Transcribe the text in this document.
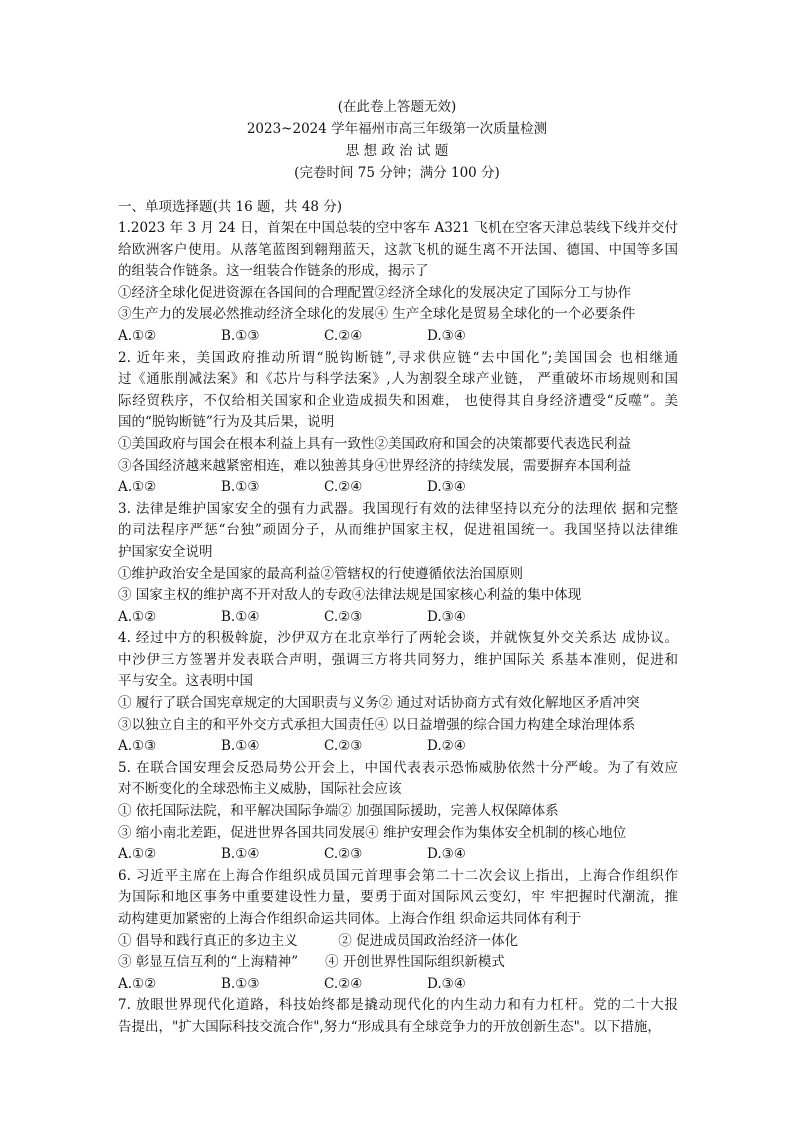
(在此卷上答题无效)
2023~2024 学年福州市高三年级第一次质量检测
思 想 政 治 试 题
(完卷时间 75 分钟；满分 100 分)
一、单项选择题(共 16 题，共 48 分)
1.2023 年 3 月 24 日，首架在中国总装的空中客车 A321 飞机在空客天津总装线下线并交付
给欧洲客户使用。从落笔蓝图到翱翔蓝天，这款飞机的诞生离不开法国、德国、中国等多国
的组装合作链条。这一组装合作链条的形成，揭示了
①经济全球化促进资源在各国间的合理配置②经济全球化的发展决定了国际分工与协作
③生产力的发展必然推动经济全球化的发展④ 生产全球化是贸易全球化的一个必要条件
A.①②	B.①③	C.②④	D.③④
2. 近年来，美国政府推动所谓“脱钩断链”,寻求供应链“去中国化”;美国国会 也相继通
过《通胀削减法案》和《芯片与科学法案》,人为割裂全球产业链， 严重破坏市场规则和国
际经贸秩序，不仅给相关国家和企业造成损失和困难， 也使得其自身经济遭受“反噬”。美
国的“脱钩断链”行为及其后果，说明
①美国政府与国会在根本利益上具有一致性②美国政府和国会的决策都要代表选民利益
③各国经济越来越紧密相连，难以独善其身④世界经济的持续发展，需要摒弃本国利益
A.①②	B.①③	C.②④	D.③④
3. 法律是维护国家安全的强有力武器。我国现行有效的法律坚持以充分的法理依 据和完整
的司法程序严惩“台独”顽固分子，从而维护国家主权，促进祖国统一。我国坚持以法律维
护国家安全说明
①维护政治安全是国家的最高利益②管辖权的行使遵循依法治国原则
③ 国家主权的维护离不开对敌人的专政④法律法规是国家核心利益的集中体现
A.①②	B.①④	C.②③	D.③④
4. 经过中方的积极斡旋，沙伊双方在北京举行了两轮会谈，并就恢复外交关系达 成协议。
中沙伊三方签署并发表联合声明，强调三方将共同努力，维护国际关 系基本准则，促进和
平与安全。这表明中国
① 履行了联合国宪章规定的大国职责与义务② 通过对话协商方式有效化解地区矛盾冲突
③以独立自主的和平外交方式承担大国责任④ 以日益增强的综合国力构建全球治理体系
A.①③	B.①④	C.②③	D.②④
5. 在联合国安理会反恐局势公开会上，中国代表表示恐怖威胁依然十分严峻。为了有效应
对不断变化的全球恐怖主义威胁，国际社会应该
① 依托国际法院，和平解决国际争端② 加强国际援助，完善人权保障体系
③ 缩小南北差距，促进世界各国共同发展④ 维护安理会作为集体安全机制的核心地位
A.①②	B.①④	C.②③	D.③④
6. 习近平主席在上海合作组织成员国元首理事会第二十二次会议上指出，上海合作组织作
为国际和地区事务中重要建设性力量，要勇于面对国际风云变幻，牢 牢把握时代潮流，推
动构建更加紧密的上海合作组织命运共同体。上海合作组 织命运共同体有利于
① 倡导和践行真正的多边主义　　　② 促进成员国政治经济一体化
③ 彰显互信互利的“上海精神”　　④ 开创世界性国际组织新模式
A.①②	B.①③	C.②④	D.③④
7. 放眼世界现代化道路，科技始终都是撬动现代化的内生动力和有力杠杆。党的二十大报
告提出，"扩大国际科技交流合作",努力“形成具有全球竞争力的开放创新生态"。以下措施，
